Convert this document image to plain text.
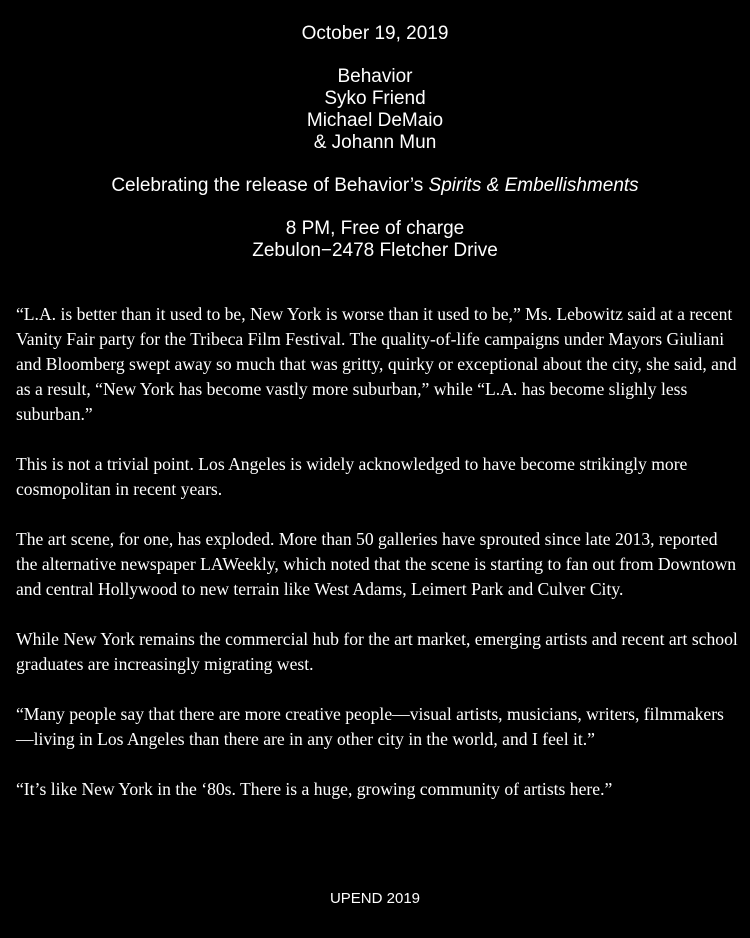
October 19, 2019
Behavior
Syko Friend
Michael DeMaio
& Johann Mun
Celebrating the release of Behavior’s Spirits & Embellishments
8 PM, Free of charge
Zebulon−2478 Fletcher Drive

“L.A. is better than it used to be, New York is worse than it used to be,” Ms. Lebowitz said at a recent Vanity Fair party for the Tribeca Film Festival. The quality-of-life campaigns under Mayors Giuliani and Bloomberg swept away so much that was gritty, quirky or exceptional about the city, she said, and as a result, “New York has become vastly more suburban,” while “L.A. has become slighly less suburban.”

This is not a trivial point. Los Angeles is widely acknowledged to have become strikingly more cosmopolitan in recent years.

The art scene, for one, has exploded. More than 50 galleries have sprouted since late 2013, reported the alternative newspaper LAWeekly, which noted that the scene is starting to fan out from Downtown and central Hollywood to new terrain like West Adams, Leimert Park and Culver City.

While New York remains the commercial hub for the art market, emerging artists and recent art school graduates are increasingly migrating west.

“Many people say that there are more creative people—visual artists, musicians, writers, filmmakers—living in Los Angeles than there are in any other city in the world, and I feel it.”

“It’s like New York in the ‘80s. There is a huge, growing community of artists here.”

UPEND 2019
